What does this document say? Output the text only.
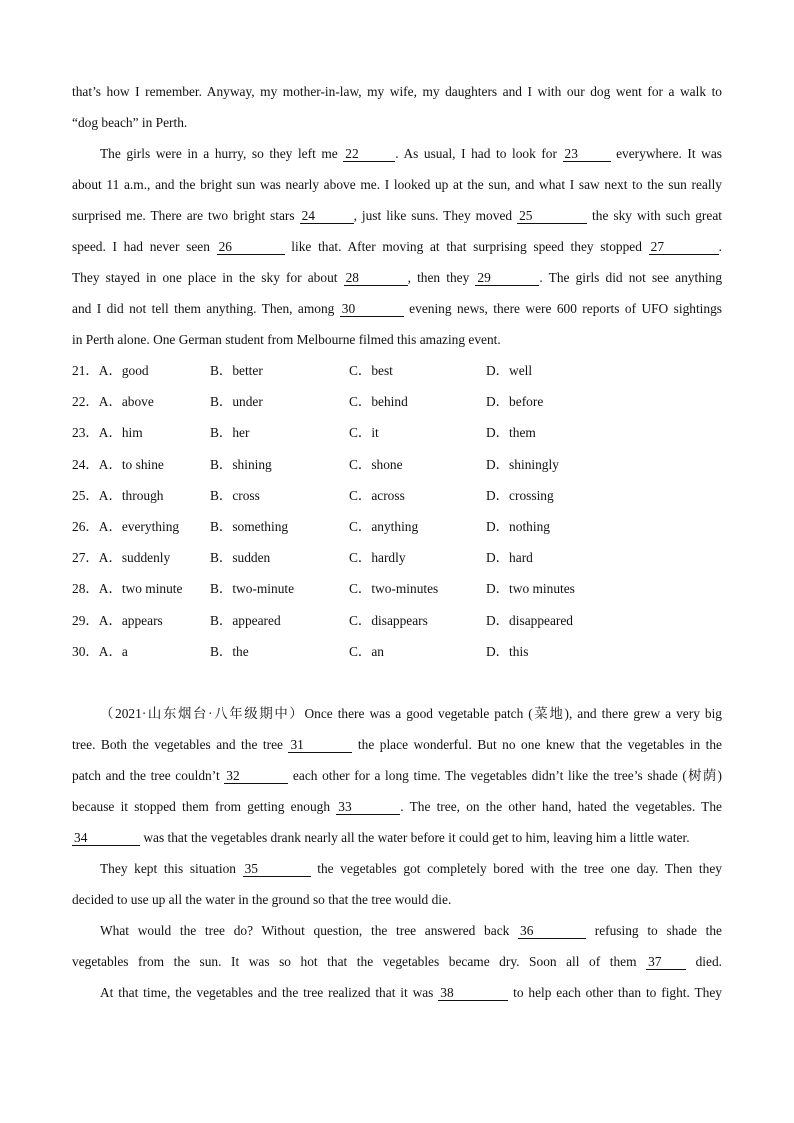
that’s how I remember. Anyway, my mother-in-law, my wife, my daughters and I with our dog went for a walk to
“dog beach” in Perth.
The girls were in a hurry, so they left me 22	. As usual, I had to look for 23 everywhere. It was
about 11 a.m., and the bright sun was nearly above me. I looked up at the sun, and what I saw next to the sun really
surprised me. There are two bright stars 24	, just like suns. They moved 25	the sky with such great
speed. I had never seen 26	like that. After moving at that surprising speed they stopped 27	.
They stayed in one place in the sky for about 28	, then they 29	. The girls did not see anything
and I did not tell them anything. Then, among 30	evening news, there were 600 reports of UFO sightings
in Perth alone. One German student from Melbourne filmed this amazing event.
21．A．good	B．better	C．best	D．well
22．A．above	B．under	C．behind	D．before
23．A．him	B．her	C．it	D．them
24．A．to shine	B．shining	C．shone	D．shiningly
25．A．through	B．cross	C．across	D．crossing
26．A．everything B．something	C．anything	D．nothing
27．A．suddenly	B．sudden	C．hardly	D．hard
28．A．two minute B．two-minute	C．two-minutes	D．two minutes
29．A．appears	B．appeared	C．disappears	D．disappeared
30．A．a	B．the	C．an	D．this
（2021·山东烟台·八年级期中）Once there was a good vegetable patch (菜地), and there grew a very big
tree. Both the vegetables and the tree 31	the place wonderful. But no one knew that the vegetables in the
patch and the tree couldn’t 32	each other for a long time. The vegetables didn’t like the tree’s shade (树荫)
because it stopped them from getting enough 33	. The tree, on the other hand, hated the vegetables. The
34	was that the vegetables drank nearly all the water before it could get to him, leaving him a little water.
They kept this situation 35	the vegetables got completely bored with the tree one day. Then they
decided to use up all the water in the ground so that the tree would die.
What would the tree do? Without question, the tree answered back 36	refusing to shade the
vegetables from the sun. It was so hot that the vegetables became dry. Soon all of them 37 died.
At that time, the vegetables and the tree realized that it was 38	to help each other than to fight. They
